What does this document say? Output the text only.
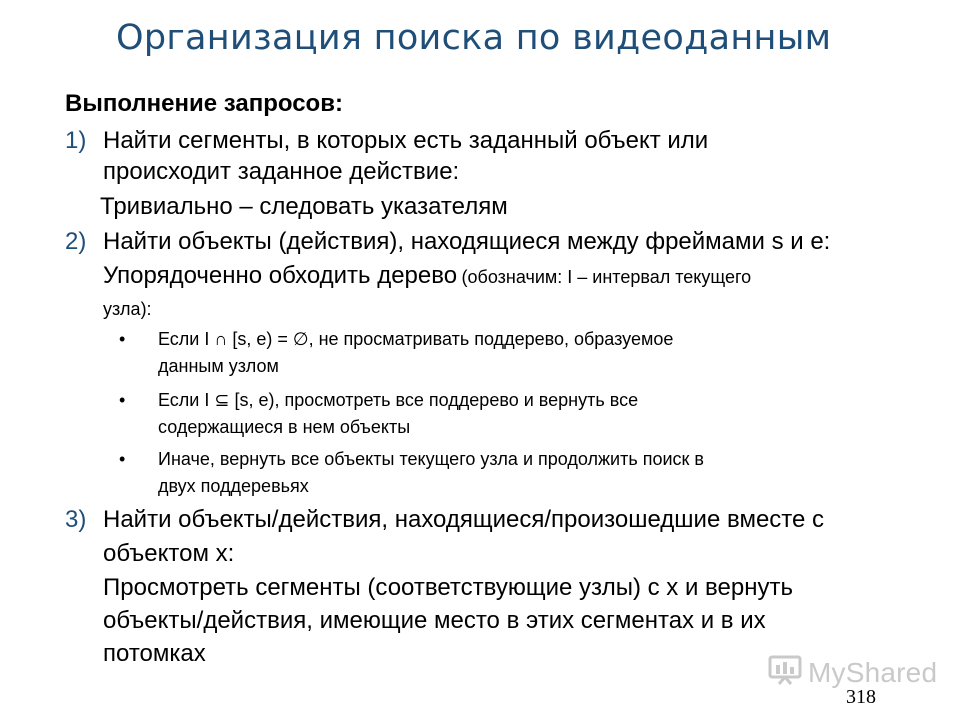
Организация поиска по видеоданным
Выполнение запросов:
1) Найти сегменты, в которых есть заданный объект или
происходит заданное действие:
Тривиально – следовать указателям
2) Найти объекты (действия), находящиеся между фреймами s и e:
Упорядоченно обходить дерево (обозначим: I – интервал текущего
узла):
• Если I ∩ [s, e) = ∅, не просматривать поддерево, образуемое
данным узлом
• Если I ⊆ [s, e), просмотреть все поддерево и вернуть все
содержащиеся в нем объекты
• Иначе, вернуть все объекты текущего узла и продолжить поиск в
двух поддеревьях
3) Найти объекты/действия, находящиеся/произошедшие вместе с
объектом x:
Просмотреть сегменты (соответствующие узлы) с x и вернуть
объекты/действия, имеющие место в этих сегментах и в их
потомках
MyShared
318
